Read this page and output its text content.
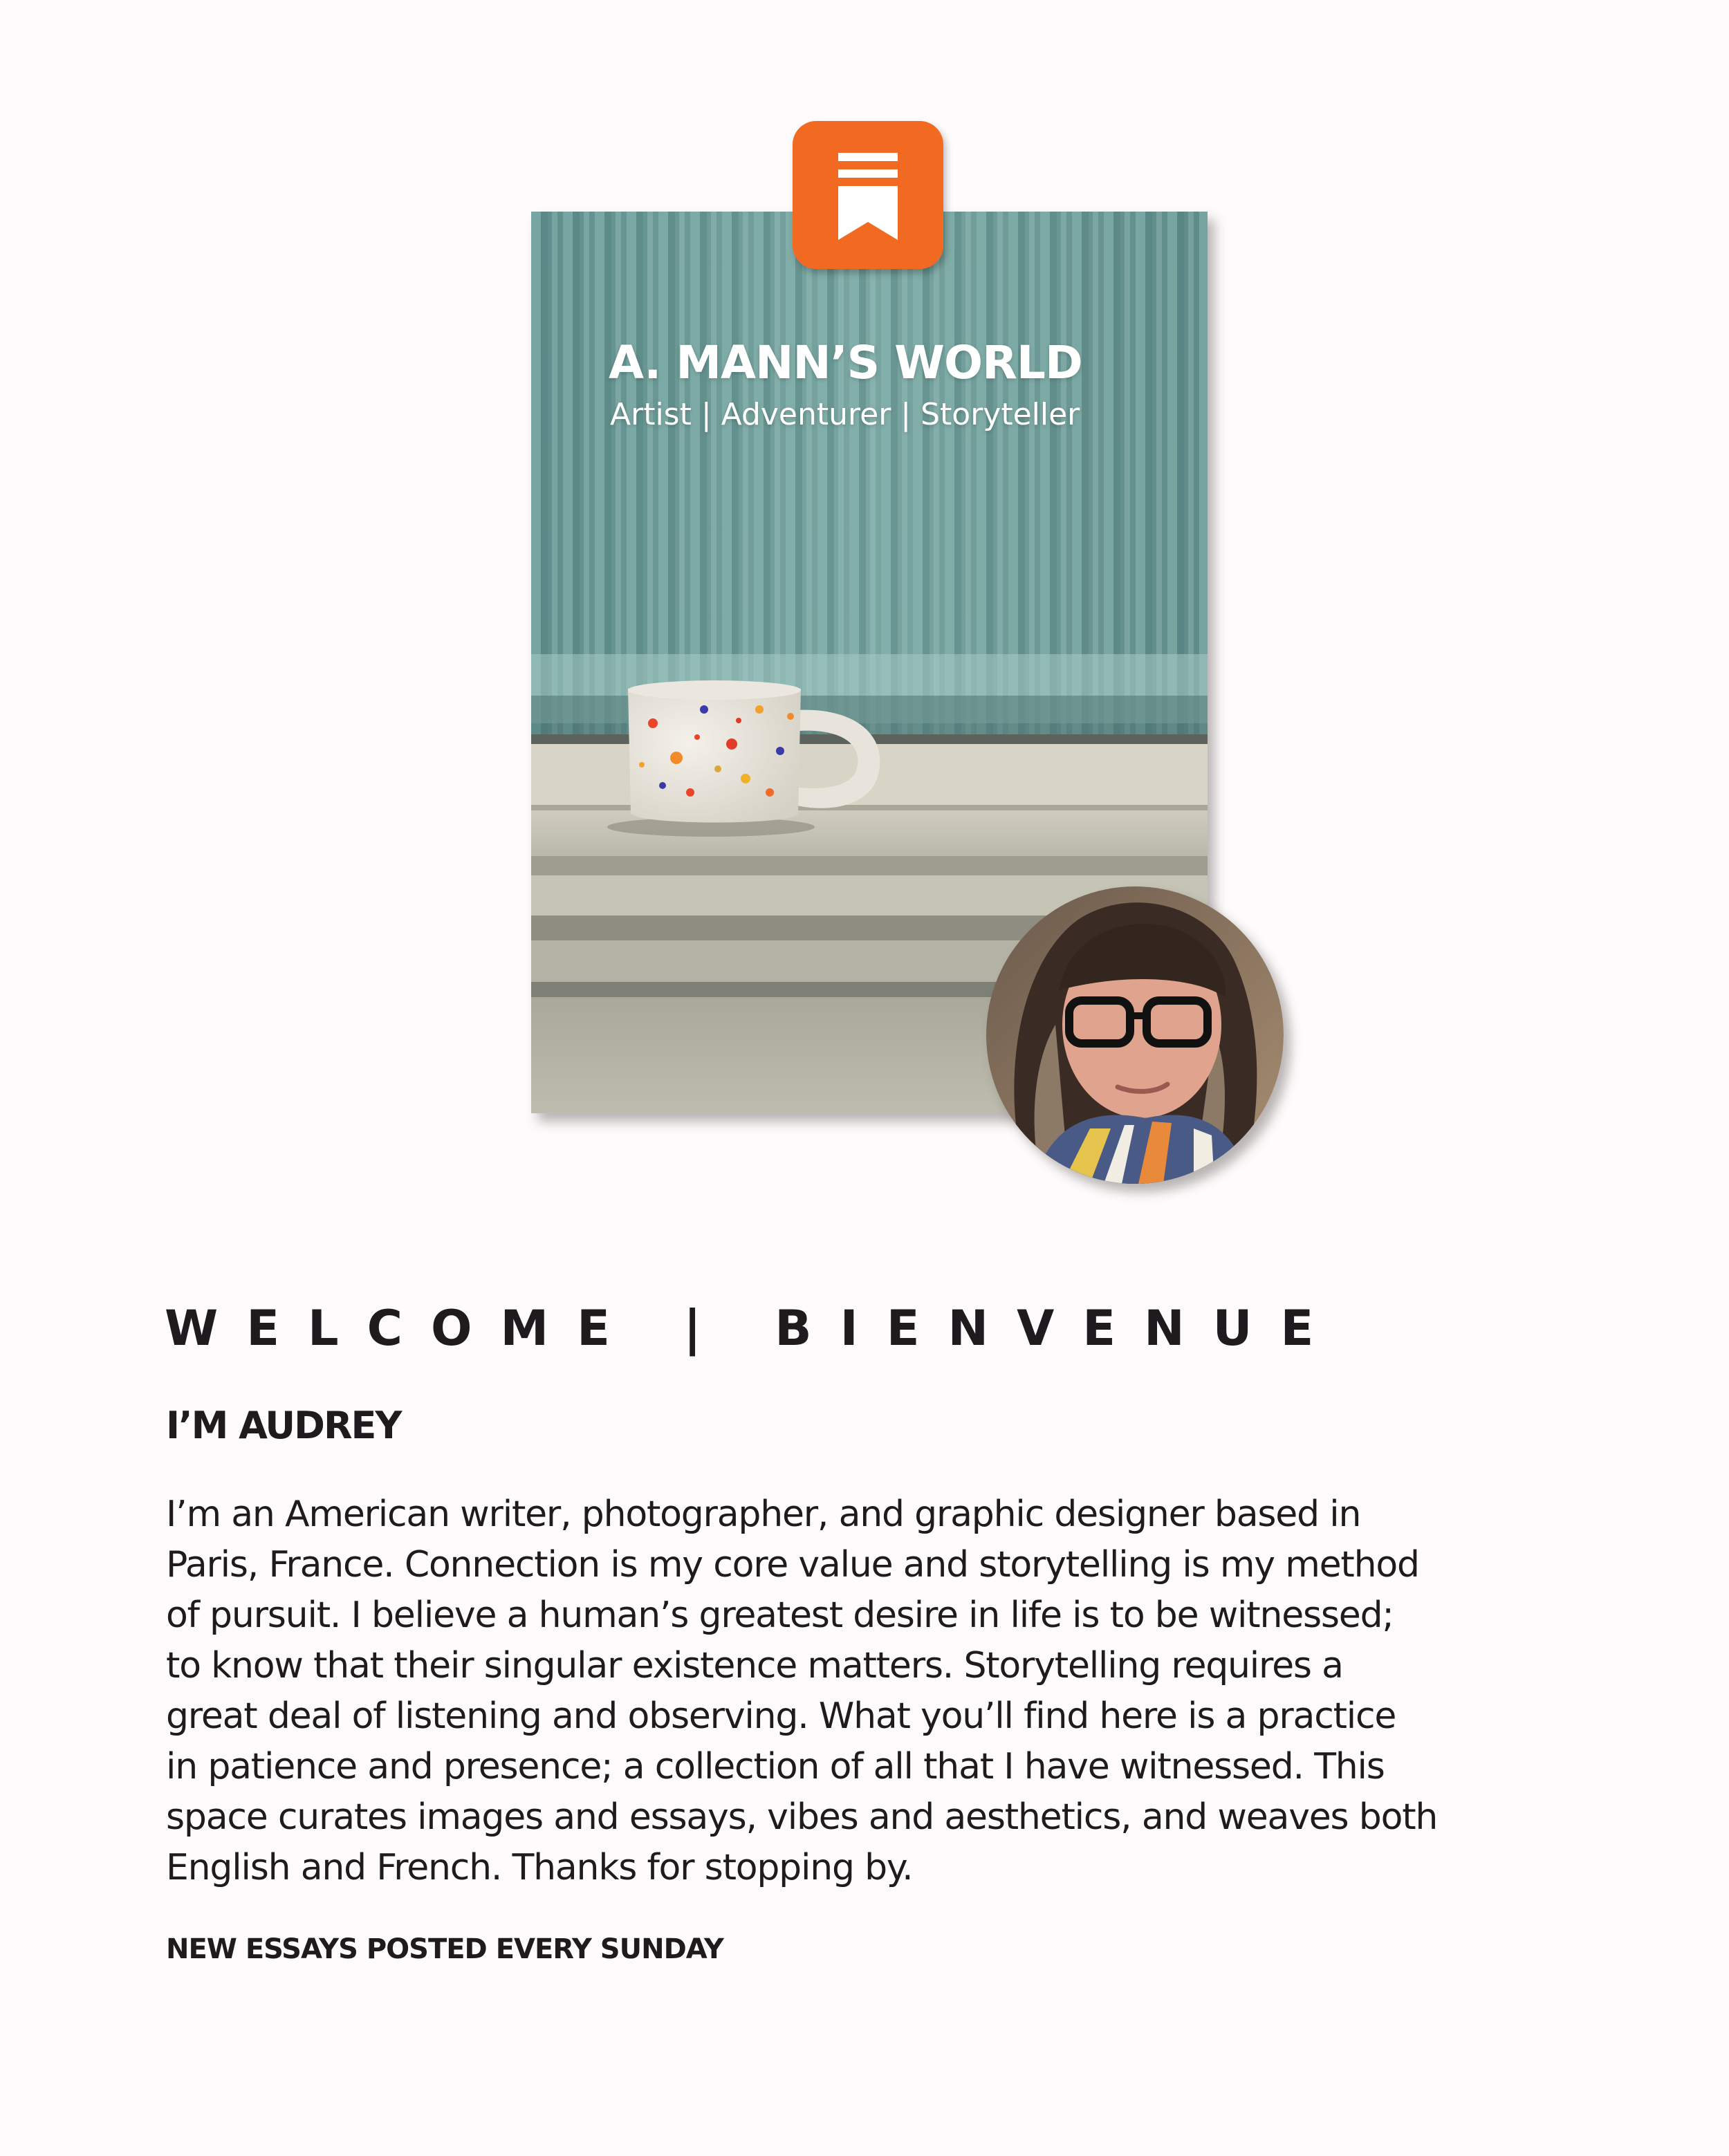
A. MANN’S WORLD

Artist | Adventurer | Storyteller

WELCOME | BIENVENUE
I’M AUDREY

I’m an American writer, photographer, and graphic designer based in
Paris, France. Connection is my core value and storytelling is my method
of pursuit. I believe a human’s greatest desire in life is to be witnessed;
to know that their singular existence matters. Storytelling requires a
great deal of listening and observing. What you’ll find here is a practice
in patience and presence; a collection of all that I have witnessed. This
space curates images and essays, vibes and aesthetics, and weaves both
English and French. Thanks for stopping by.

NEW ESSAYS POSTED EVERY SUNDAY
